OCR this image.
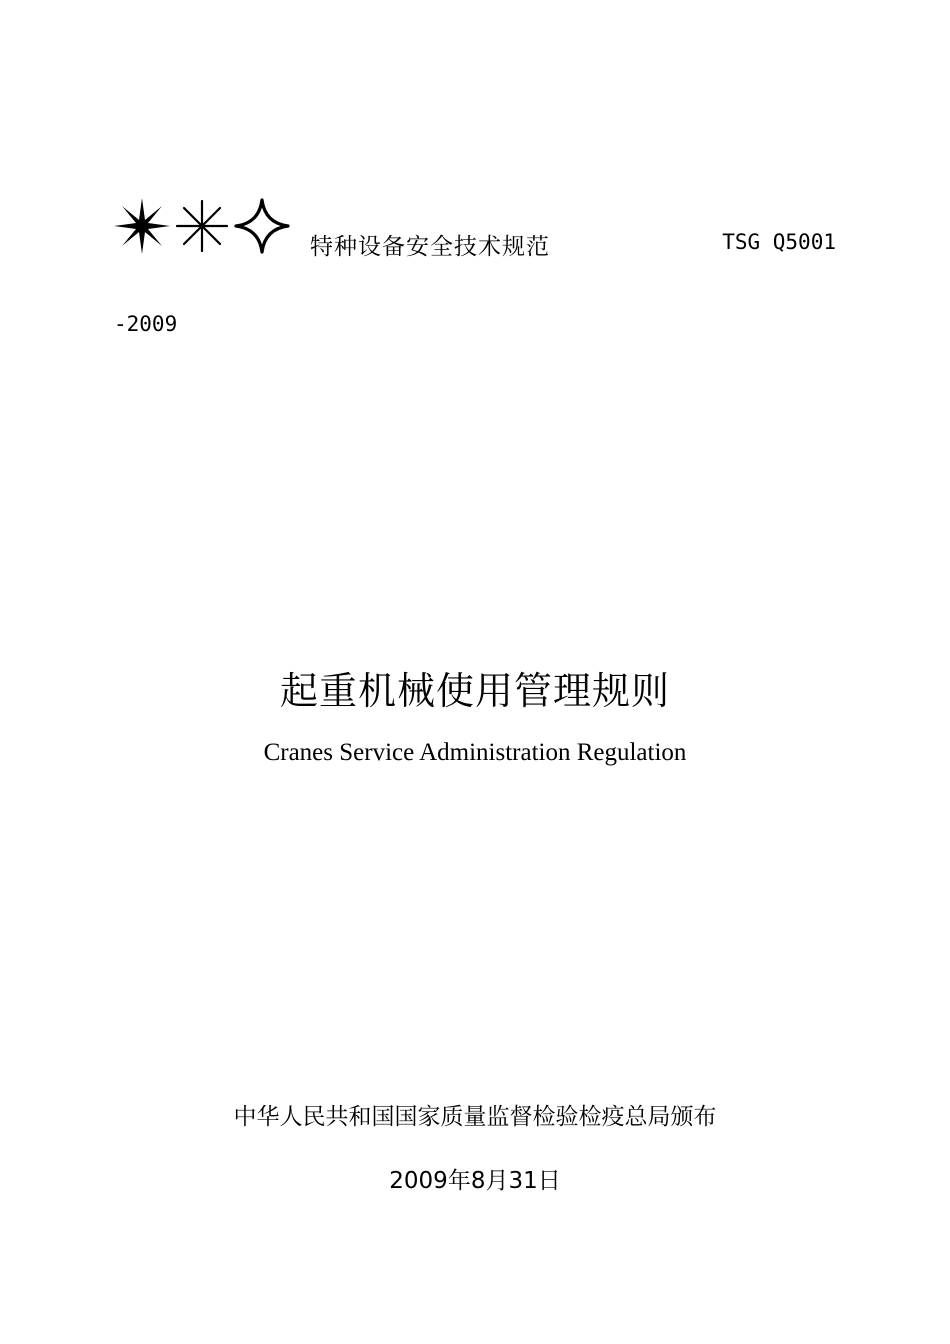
特种设备安全技术规范	TSG Q5001
-2009
起重机械使用管理规则
Cranes Service Administration Regulation
中华人民共和国国家质量监督检验检疫总局颁布
2009年8月31日
